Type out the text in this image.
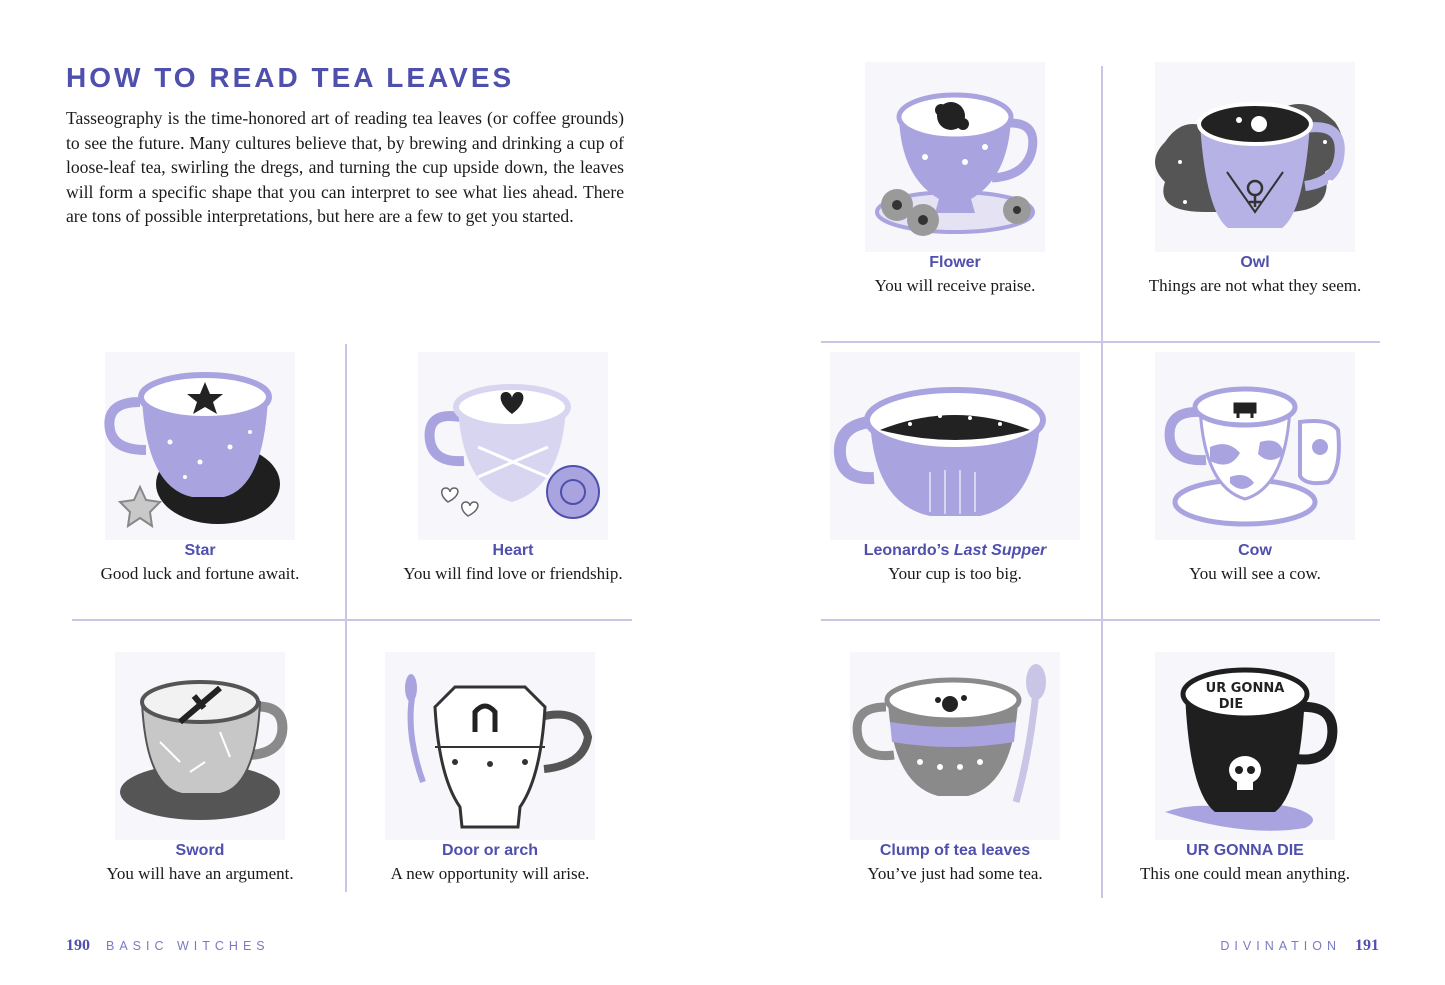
HOW TO READ TEA LEAVES

Tasseography is the time-honored art of reading tea leaves (or coffee grounds) to see the future. Many cultures believe that, by brewing and drinking a cup of loose-leaf tea, swirling the dregs, and turning the cup upside down, the leaves will form a specific shape that you can interpret to see what lies ahead. There are tons of possible interpretations, but here are a few to get you started.

Flower
You will receive praise.
Owl
Things are not what they seem.
Star
Good luck and fortune await.
Heart
You will find love or friendship.
Leonardo’s Last Supper
Your cup is too big.
Cow
You will see a cow.
Sword
You will have an argument.
Door or arch
A new opportunity will arise.
Clump of tea leaves
You’ve just had some tea.
UR GONNA
DIE
UR GONNA DIE
This one could mean anything.
190 BASIC WITCHES	DIVINATION 191
